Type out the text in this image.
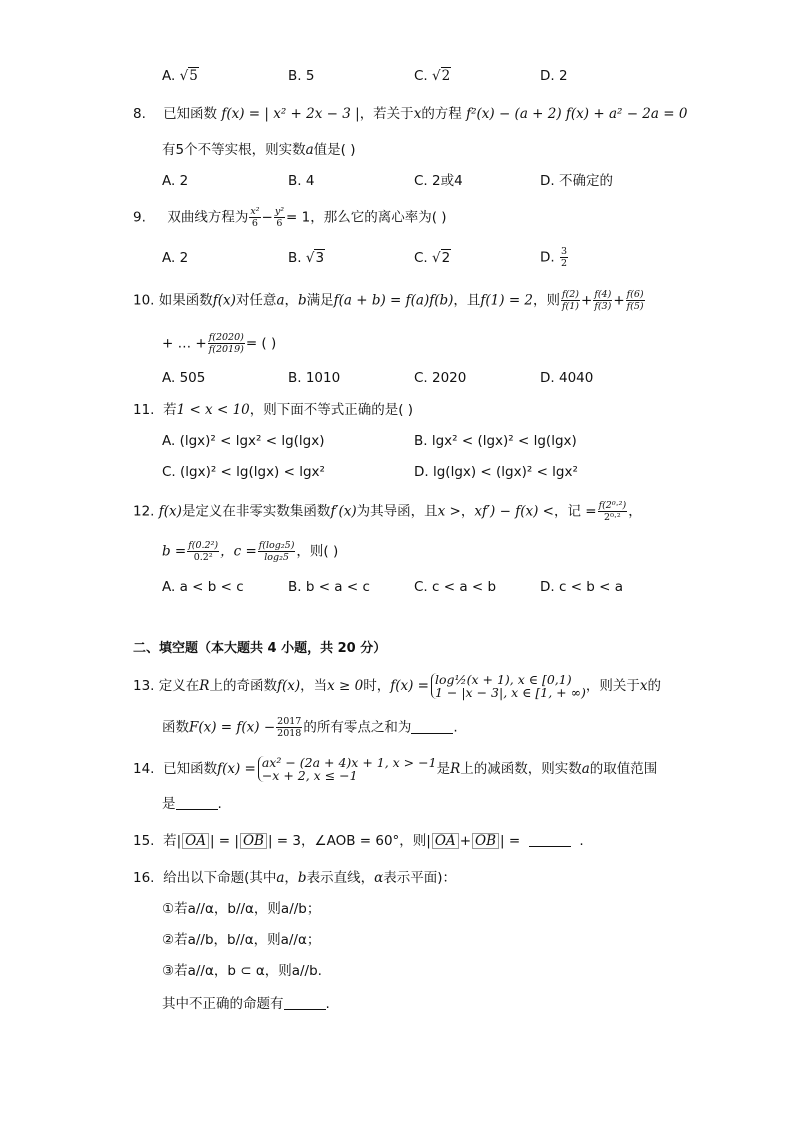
A. √5	B. 5	C. √2	D. 2
8. 已知函数 f(x) = | x² + 2x − 3 |，若关于x的方程 f²(x) − (a + 2) f(x) + a² − 2a = 0
有5个不等实根，则实数a值是( )
A. 2	B. 4	C. 2或4	D. 不确定的
9. 双曲线方程为 $\frac{\text{x²}}{6} - \frac{\text{y²}}{6} = 1$，那么它的离心率为( )
A. 2	B. √3	C. √2	D. $\frac{3}{2}$
10. 如果函数f(x)对任意a，b满足f(a + b) = f(a)f(b)，且f(1) = 2，则 $\frac{f(2)}{f(1)} + \frac{f(4)}{f(3)} + \frac{f(6)}{f(5)}$
+ … + $\frac{f(2020)}{f(2019)}$ = ( )
A. 505	B. 1010	C. 2020	D. 4040
11. 若1 < x < 10，则下面不等式正确的是( )
A. (lgx)² < lgx² < lg(lgx)	B. lgx² < (lgx)² < lg(lgx)
C. (lgx)² < lg(lgx) < lgx²	D. lg(lgx) < (lgx)² < lgx²
12. f(x)是定义在非零实数集函数f′(x)为其导函，且x >，xf′) − f(x) <，记 = $\frac{\text{f(2⁰·²)}}{\text{2⁰·²}}$ ，
$b = \frac{\text{f(0.2²)}}{\text{0.2²}}$ ，$c = \frac{\text{f(log₂5)}}{\text{log₂5}}$ ，则( )
A. a < b < c	B. b < a < c	C. c < a < b	D. c < b < a
二、填空题（本大题共 4 小题，共 20 分）
13. 定义在R上的奇函数f(x)，当x ≥ 0时，f(x) = log½(x + 1), x ∈ [0,1)
1 − |x − 3|, x ∈ [1, + ∞) ，则关于x的
函数$F(x) = f(x) - \frac{2017}{2018}$ 的所有零点之和为	.
14. 已知函数f(x) = ax² − (2a + 4)x + 1, x > −1
−x + 2, x ≤ −1	是R上的减函数，则实数a的取值范围
是	.
15. 若| OA | = | OB | = 3，∠AOB = 60°，则| OA + OB | =	.
16. 给出以下命题(其中a，b表示直线，α表示平面)：
①若a//α，b//α，则a//b；
②若a//b，b//α，则a//α；
③若a//α，b ⊂ α，则a//b.
其中不正确的命题有	.
